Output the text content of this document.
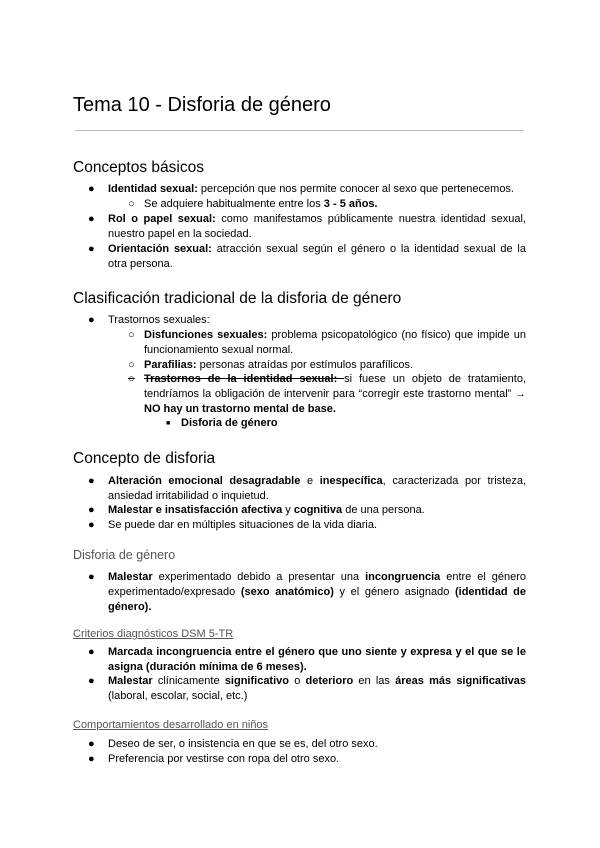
Tema 10 - Disforia de género
Conceptos básicos
● Identidad sexual: percepción que nos permite conocer al sexo que pertenecemos.
○ Se adquiere habitualmente entre los 3 - 5 años.
● Rol o papel sexual: como manifestamos públicamente nuestra identidad sexual, nuestro papel en la sociedad.
● Orientación sexual: atracción sexual según el género o la identidad sexual de la otra persona.
Clasificación tradicional de la disforia de género
● Trastornos sexuales:
○ Disfunciones sexuales: problema psicopatológico (no físico) que impide un funcionamiento sexual normal.
○ Parafilias: personas atraídas por estímulos parafílicos.
○ Trastornos de la identidad sexual: si fuese un objeto de tratamiento, tendríamos la obligación de intervenir para “corregir este trastorno mental” → NO hay un trastorno mental de base.
■ Disforia de género
Concepto de disforia
● Alteración emocional desagradable e inespecífica, caracterizada por tristeza, ansiedad irritabilidad o inquietud.
● Malestar e insatisfacción afectiva y cognitiva de una persona.
● Se puede dar en múltiples situaciones de la vida diaria.
Disforia de género
● Malestar experimentado debido a presentar una incongruencia entre el género experimentado/expresado (sexo anatómico) y el género asignado (identidad de género).
Criterios diagnósticos DSM 5-TR
● Marcada incongruencia entre el género que uno siente y expresa y el que se le asigna (duración mínima de 6 meses).
● Malestar clínicamente significativo o deterioro en las áreas más significativas (laboral, escolar, social, etc.)
Comportamientos desarrollado en niños
● Deseo de ser, o insistencia en que se es, del otro sexo.
● Preferencia por vestirse con ropa del otro sexo.
